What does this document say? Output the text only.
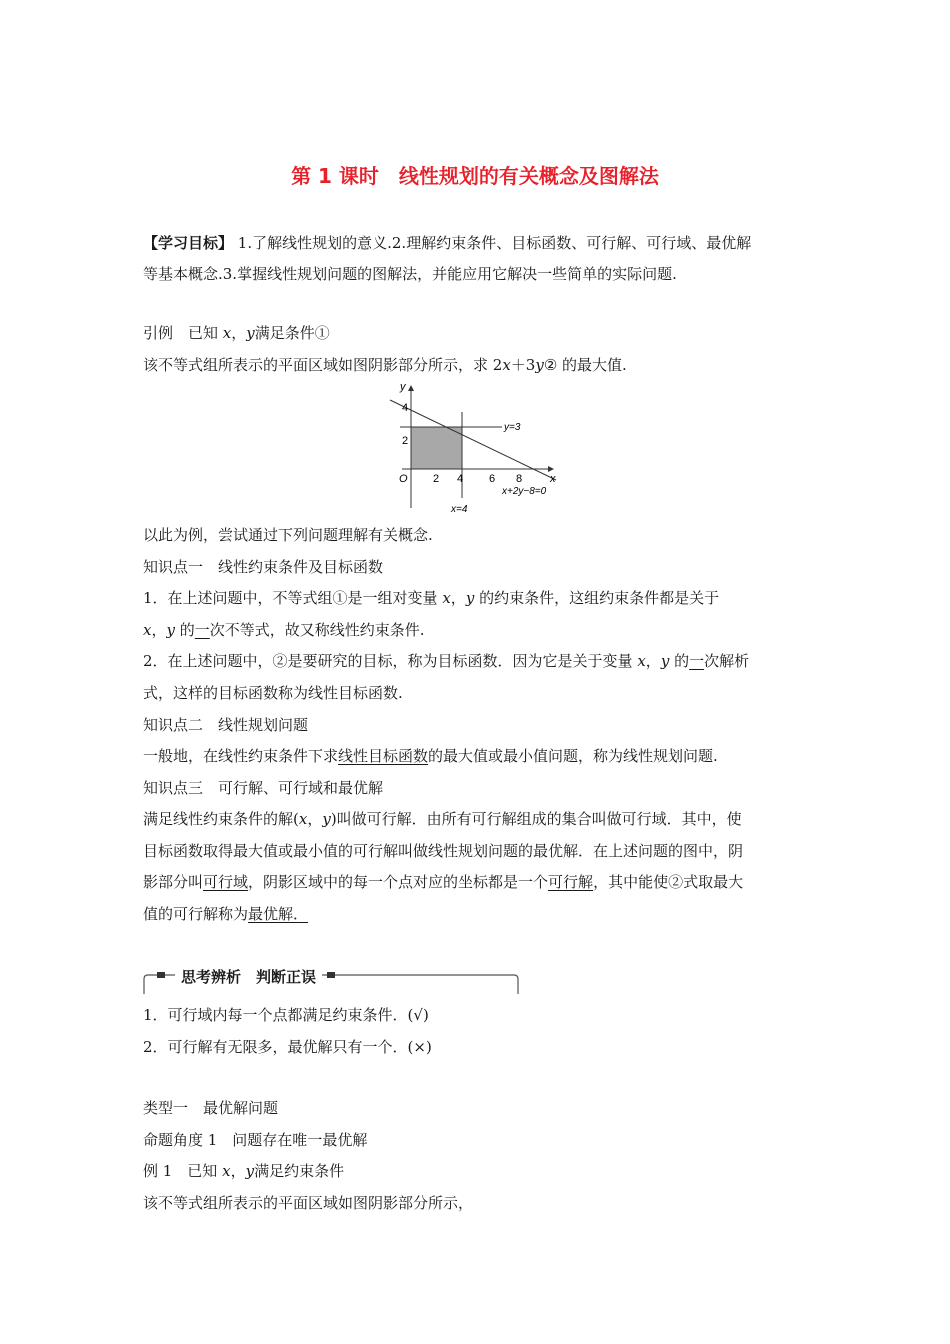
第 1 课时　线性规划的有关概念及图解法
【学习目标】 1.了解线性规划的意义.2.理解约束条件、目标函数、可行解、可行域、最优解
等基本概念.3.掌握线性规划问题的图解法，并能应用它解决一些简单的实际问题.
引例　已知 x，y满足条件①
该不等式组所表示的平面区域如图阴影部分所示，求 2x＋3y② 的最大值.
y
x
O
4
2
2 4 6 8
y=3
x+2y−8=0
x=4
以此为例，尝试通过下列问题理解有关概念.
知识点一　线性约束条件及目标函数
1．在上述问题中，不等式组①是一组对变量 x，y 的约束条件，这组约束条件都是关于
x，y 的一次不等式，故又称线性约束条件.
2．在上述问题中，②是要研究的目标，称为目标函数．因为它是关于变量 x，y 的一次解析
式，这样的目标函数称为线性目标函数.
知识点二　线性规划问题
一般地，在线性约束条件下求线性目标函数的最大值或最小值问题，称为线性规划问题.
知识点三　可行解、可行域和最优解
满足线性约束条件的解(x，y)叫做可行解．由所有可行解组成的集合叫做可行域．其中，使
目标函数取得最大值或最小值的可行解叫做线性规划问题的最优解．在上述问题的图中，阴
影部分叫可行域，阴影区域中的每一个点对应的坐标都是一个可行解，其中能使②式取最大
值的可行解称为最优解．
思考辨析　判断正误
1．可行域内每一个点都满足约束条件．(√)
2．可行解有无限多，最优解只有一个．(×)
类型一　最优解问题
命题角度 1　问题存在唯一最优解
例 1　已知 x，y满足约束条件
该不等式组所表示的平面区域如图阴影部分所示，
